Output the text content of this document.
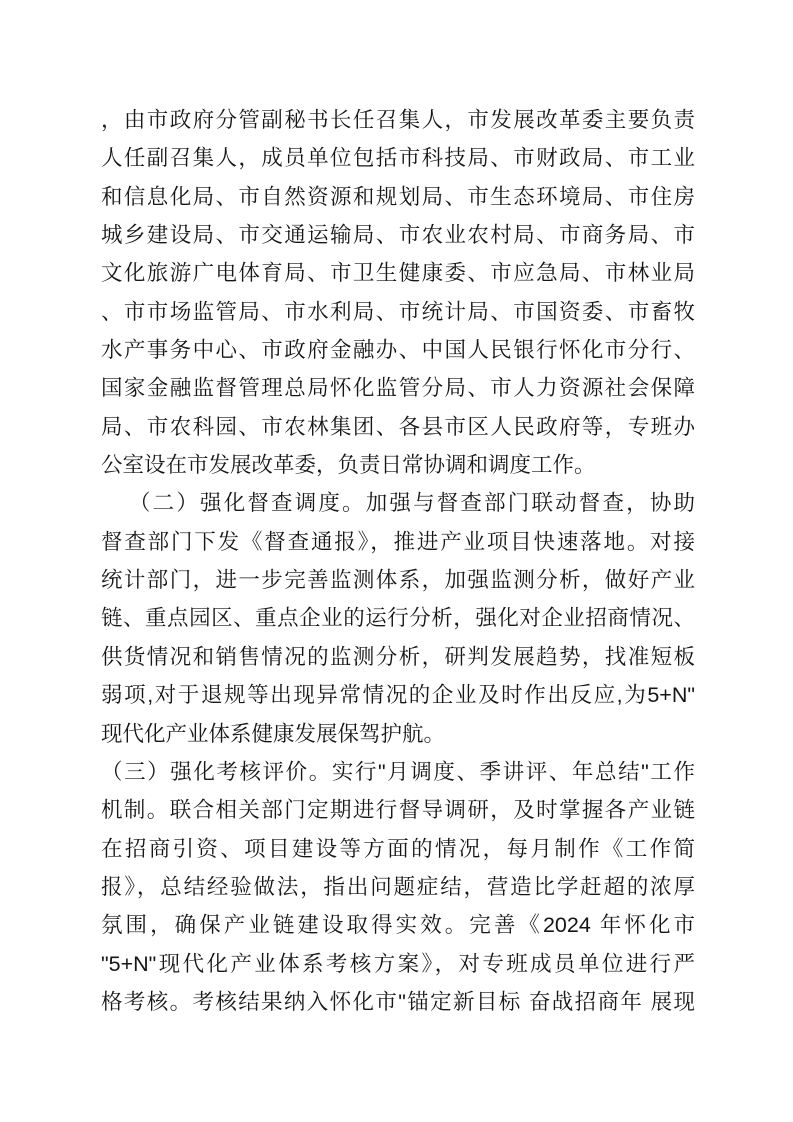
，由市政府分管副秘书长任召集人，市发展改革委主要负责
人任副召集人，成员单位包括市科技局、市财政局、市工业
和信息化局、市自然资源和规划局、市生态环境局、市住房
城乡建设局、市交通运输局、市农业农村局、市商务局、市
文化旅游广电体育局、市卫生健康委、市应急局、市林业局
、市市场监管局、市水利局、市统计局、市国资委、市畜牧
水产事务中心、市政府金融办、中国人民银行怀化市分行、
国家金融监督管理总局怀化监管分局、市人力资源社会保障
局、市农科园、市农林集团、各县市区人民政府等，专班办
公室设在市发展改革委，负责日常协调和调度工作。
（二）强化督查调度。加强与督查部门联动督查，协助
督查部门下发《督查通报》，推进产业项目快速落地。对接
统计部门，进一步完善监测体系，加强监测分析，做好产业
链、重点园区、重点企业的运行分析，强化对企业招商情况、
供货情况和销售情况的监测分析，研判发展趋势，找准短板
弱项,对于退规等出现异常情况的企业及时作出反应,为5+N"
现代化产业体系健康发展保驾护航。
（三）强化考核评价。实行"月调度、季讲评、年总结"工作
机制。联合相关部门定期进行督导调研，及时掌握各产业链
在招商引资、项目建设等方面的情况，每月制作《工作简
报》，总结经验做法，指出问题症结，营造比学赶超的浓厚
氛围，确保产业链建设取得实效。完善《2024 年怀化市
"5+N"现代化产业体系考核方案》，对专班成员单位进行严
格考核。考核结果纳入怀化市"锚定新目标 奋战招商年 展现
